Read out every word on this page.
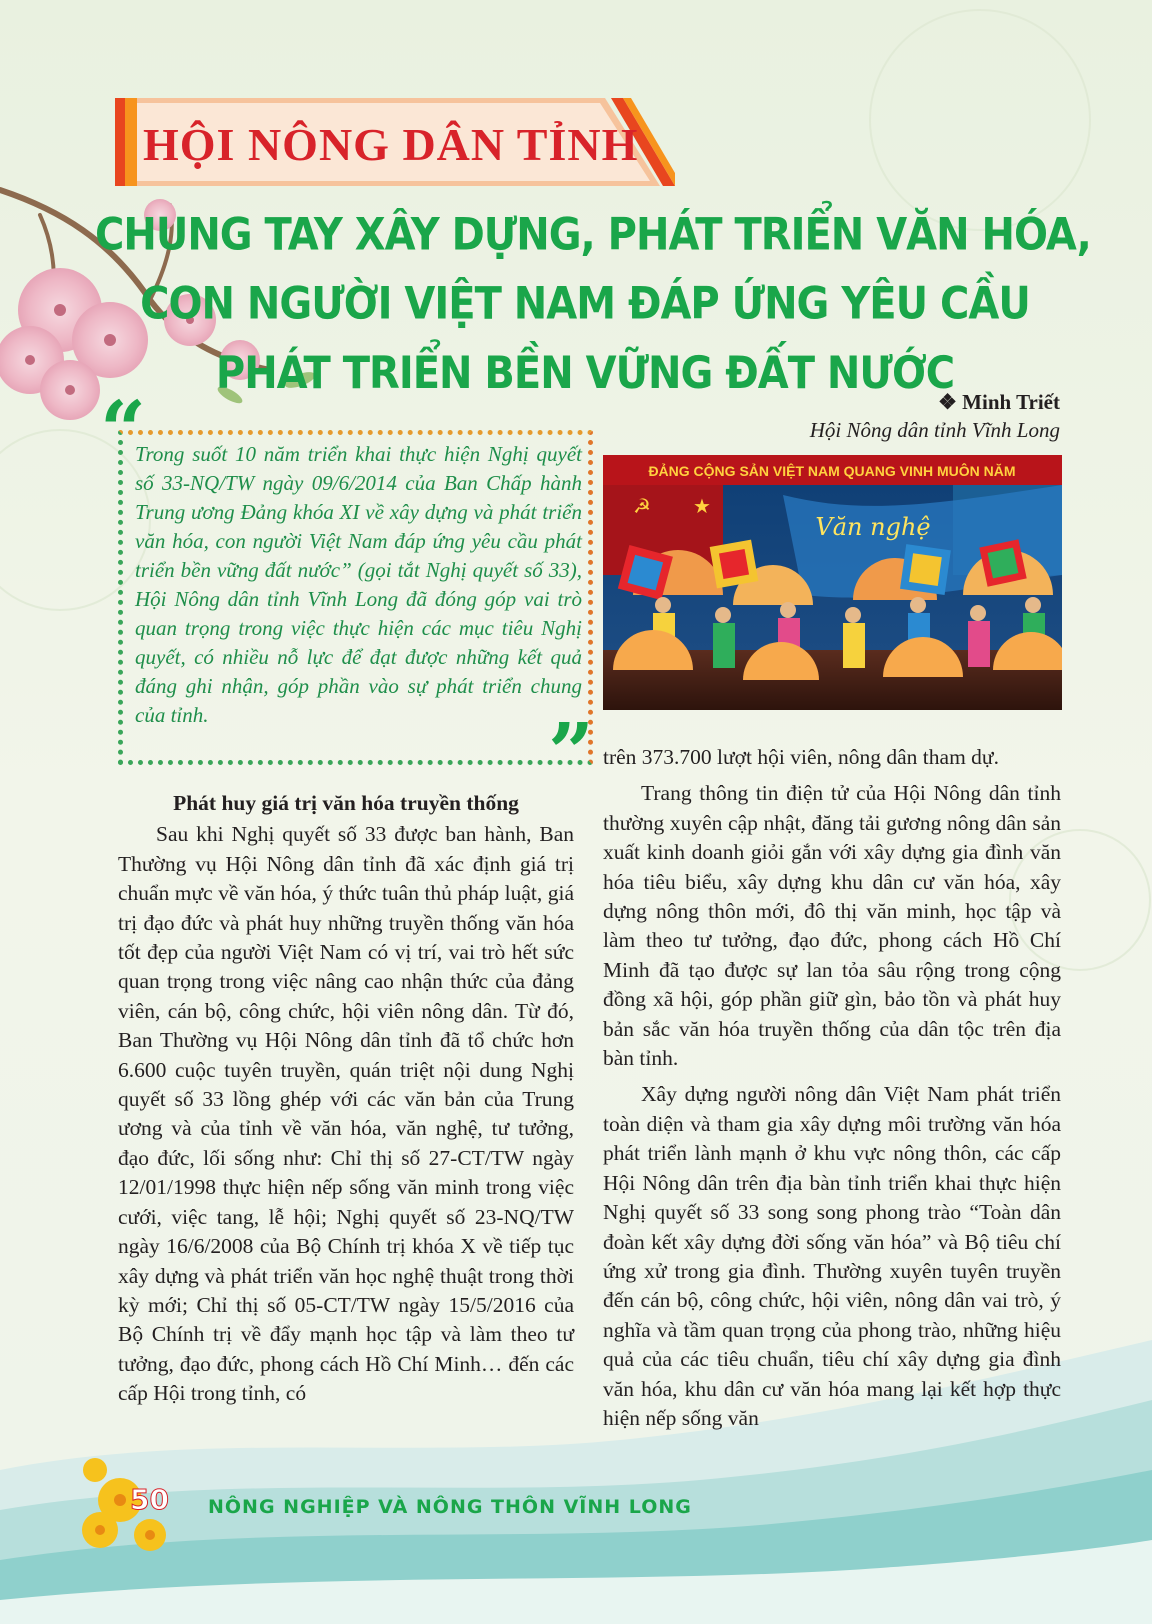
HỘI NÔNG DÂN TỈNH
CHUNG TAY XÂY DỰNG, PHÁT TRIỂN VĂN HÓA,
CON NGƯỜI VIỆT NAM ĐÁP ỨNG YÊU CẦU
PHÁT TRIỂN BỀN VỮNG ĐẤT NƯỚC
❖ Minh Triết
Hội Nông dân tỉnh Vĩnh Long
“
”
Trong suốt 10 năm triển khai thực hiện Nghị quyết số 33-NQ/TW ngày 09/6/2014 của Ban Chấp hành Trung ương Đảng khóa XI về xây dựng và phát triển văn hóa, con người Việt Nam đáp ứng yêu cầu phát triển bền vững đất nước” (gọi tắt Nghị quyết số 33), Hội Nông dân tỉnh Vĩnh Long đã đóng góp vai trò quan trọng trong việc thực hiện các mục tiêu Nghị quyết, có nhiều nỗ lực để đạt được những kết quả đáng ghi nhận, góp phần vào sự phát triển chung của tỉnh.
ĐẢNG CỘNG SẢN VIỆT NAM QUANG VINH MUÔN NĂM
Văn nghệ
☭ ★

Phát huy giá trị văn hóa truyền thống

Sau khi Nghị quyết số 33 được ban hành, Ban Thường vụ Hội Nông dân tỉnh đã xác định giá trị chuẩn mực về văn hóa, ý thức tuân thủ pháp luật, giá trị đạo đức và phát huy những truyền thống văn hóa tốt đẹp của người Việt Nam có vị trí, vai trò hết sức quan trọng trong việc nâng cao nhận thức của đảng viên, cán bộ, công chức, hội viên nông dân. Từ đó, Ban Thường vụ Hội Nông dân tỉnh đã tổ chức hơn 6.600 cuộc tuyên truyền, quán triệt nội dung Nghị quyết số 33 lồng ghép với các văn bản của Trung ương và của tỉnh về văn hóa, văn nghệ, tư tưởng, đạo đức, lối sống như: Chỉ thị số 27-CT/TW ngày 12/01/1998 thực hiện nếp sống văn minh trong việc cưới, việc tang, lễ hội; Nghị quyết số 23-NQ/TW ngày 16/6/2008 của Bộ Chính trị khóa X về tiếp tục xây dựng và phát triển văn học nghệ thuật trong thời kỳ mới; Chỉ thị số 05-CT/TW ngày 15/5/2016 của Bộ Chính trị về đẩy mạnh học tập và làm theo tư tưởng, đạo đức, phong cách Hồ Chí Minh… đến các cấp Hội trong tỉnh, có

trên 373.700 lượt hội viên, nông dân tham dự.

Trang thông tin điện tử của Hội Nông dân tỉnh thường xuyên cập nhật, đăng tải gương nông dân sản xuất kinh doanh giỏi gắn với xây dựng gia đình văn hóa tiêu biểu, xây dựng khu dân cư văn hóa, xây dựng nông thôn mới, đô thị văn minh, học tập và làm theo tư tưởng, đạo đức, phong cách Hồ Chí Minh đã tạo được sự lan tỏa sâu rộng trong cộng đồng xã hội, góp phần giữ gìn, bảo tồn và phát huy bản sắc văn hóa truyền thống của dân tộc trên địa bàn tỉnh.

Xây dựng người nông dân Việt Nam phát triển toàn diện và tham gia xây dựng môi trường văn hóa phát triển lành mạnh ở khu vực nông thôn, các cấp Hội Nông dân trên địa bàn tỉnh triển khai thực hiện Nghị quyết số 33 song song phong trào “Toàn dân đoàn kết xây dựng đời sống văn hóa” và Bộ tiêu chí ứng xử trong gia đình. Thường xuyên tuyên truyền đến cán bộ, công chức, hội viên, nông dân vai trò, ý nghĩa và tầm quan trọng của phong trào, những hiệu quả của các tiêu chuẩn, tiêu chí xây dựng gia đình văn hóa, khu dân cư văn hóa mang lại kết hợp thực hiện nếp sống văn

50 NÔNG NGHIỆP VÀ NÔNG THÔN VĨNH LONG
